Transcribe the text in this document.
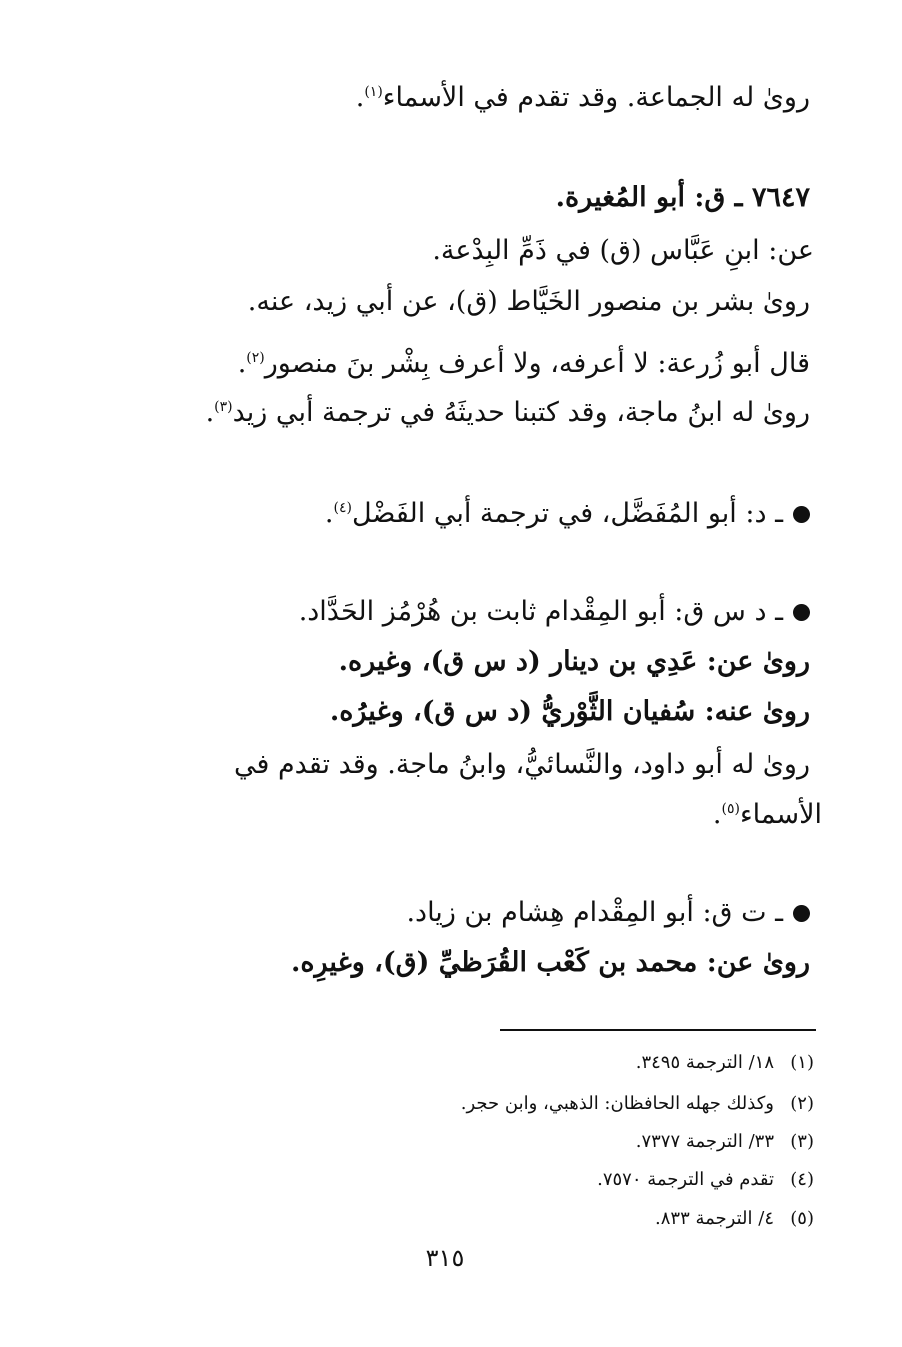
رویٰ له الجماعة. وقد تقدم في الأسماء$^{(١)}$.
٧٦٤٧ ـ ق: أبو المُغيرة.
عن: ابنِ عَبَّاس (ق) في ذَمِّ البِدْعة.
رویٰ بشر بن منصور الخَيَّاط (ق)، عن أبي زيد، عنه.
قال أبو زُرعة: لا أعرفه، ولا أعرف بِشْر بنَ منصور$^{(٢)}$.
رویٰ له ابنُ ماجة، وقد كتبنا حديثَهُ في ترجمة أبي زيد$^{(٣)}$.
ـ د: أبو المُفَضَّل، في ترجمة أبي الفَضْل$^{(٤)}$.
ـ د س ق: أبو المِقْدام ثابت بن هُرْمُز الحَدَّاد.
رویٰ عن: عَدِي بن دينار (د س ق)، وغيره.
رویٰ عنه: سُفيان الثَّوْريُّ (د س ق)، وغيرُه.
رویٰ له أبو داود، والنَّسائيُّ، وابنُ ماجة. وقد تقدم في
الأسماء$^{(٥)}$.
ـ ت ق: أبو المِقْدام هِشام بن زياد.
رویٰ عن: محمد بن كَعْب القُرَظيِّ (ق)، وغيرِه.
(١)١٨/ الترجمة ٣٤٩٥.
(٢)وكذلك جهله الحافظان: الذهبي، وابن حجر.
(٣)٣٣/ الترجمة ٧٣٧٧.
(٤)تقدم في الترجمة ٧٥٧٠.
(٥)٤/ الترجمة ٨٣٣.
٣١٥
